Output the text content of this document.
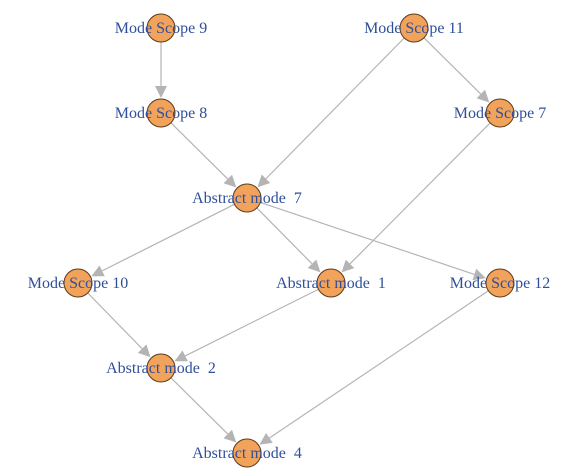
Mode Scope 9	Mode Scope 11
Mode Scope 8	Mode Scope 7
Abstract mode  7
Mode Scope 10	Abstract mode  1	Mode Scope 12
Abstract mode  2
Abstract mode  4
